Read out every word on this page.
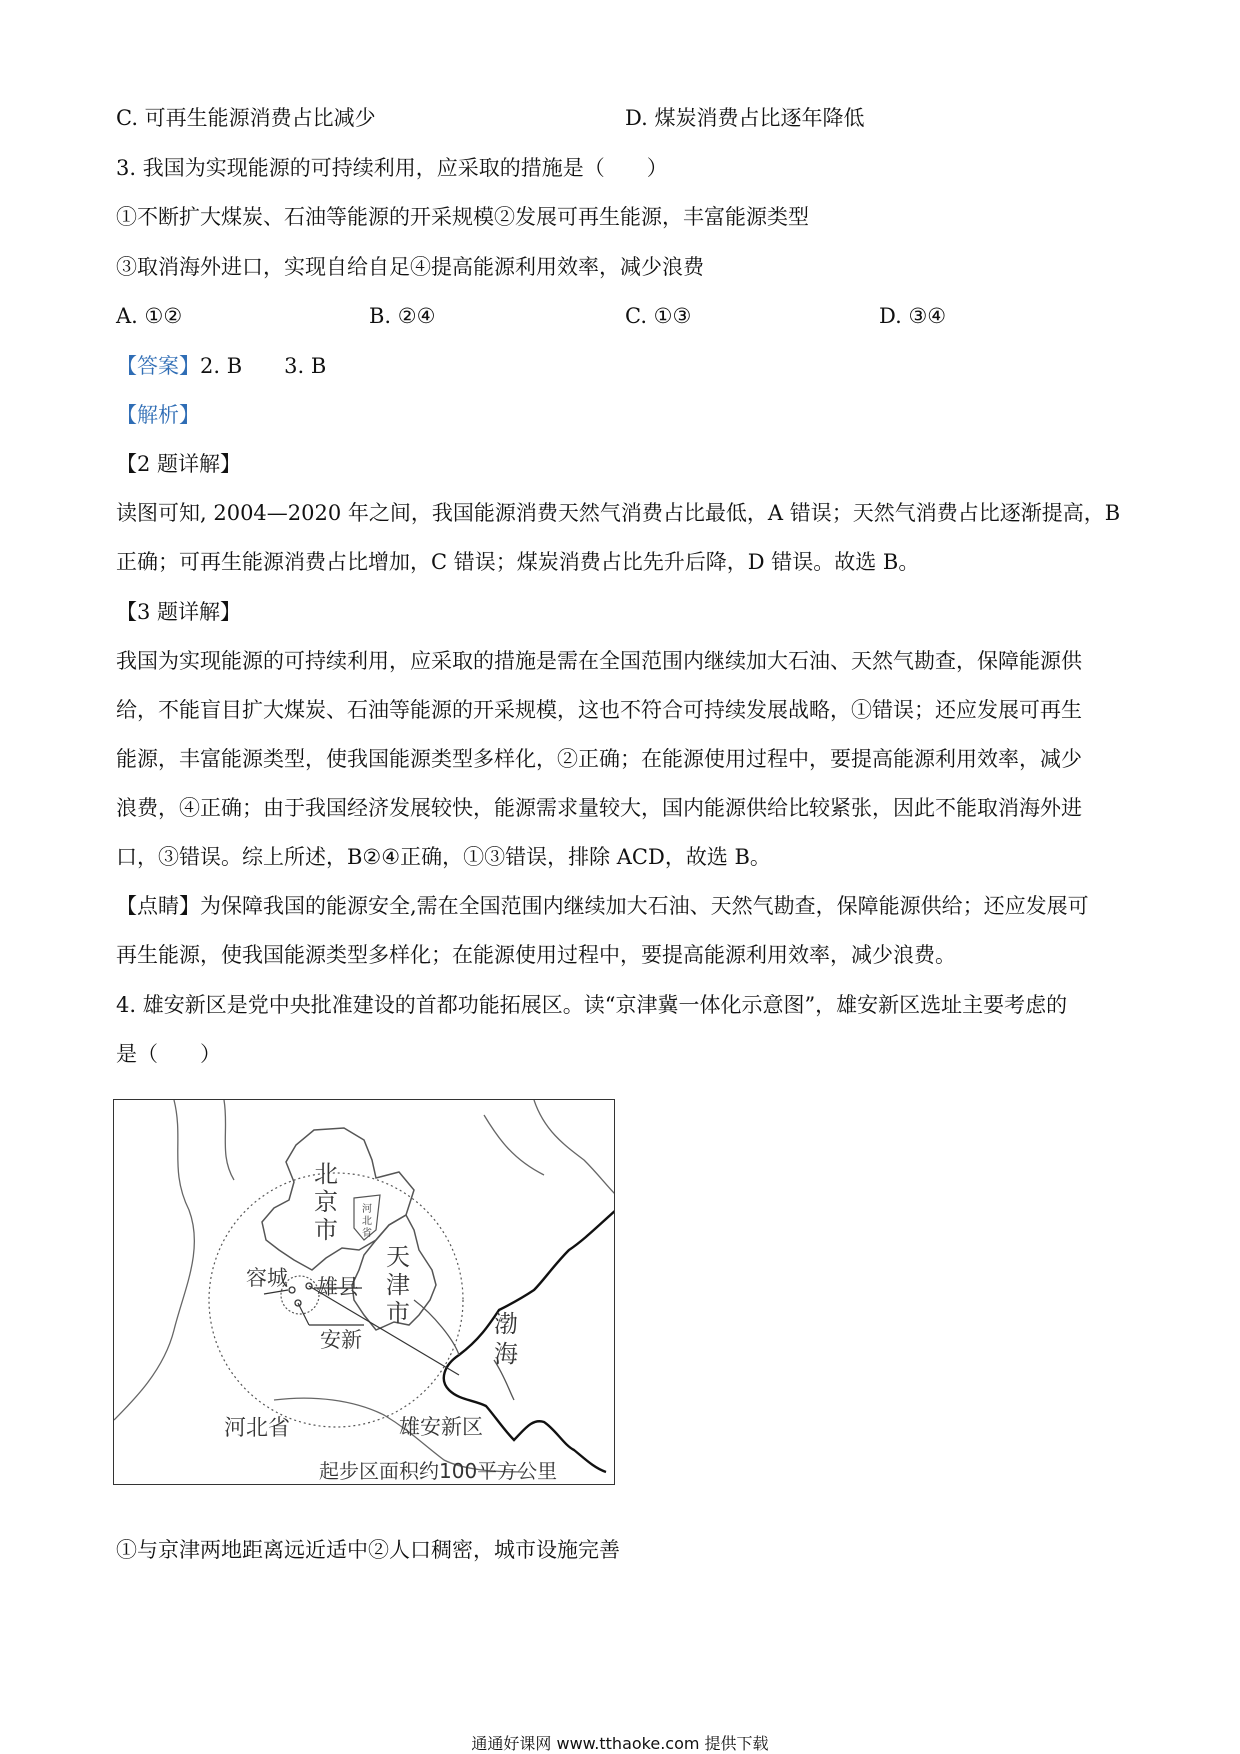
C. 可再生能源消费占比减少	D. 煤炭消费占比逐年降低
3. 我国为实现能源的可持续利用，应采取的措施是（　　）
①不断扩大煤炭、石油等能源的开采规模②发展可再生能源，丰富能源类型
③取消海外进口，实现自给自足④提高能源利用效率，减少浪费
A. ①②	B. ②④	C. ①③	D. ③④
【答案】2. B　　3. B
【解析】
【2 题详解】
读图可知, 2004—2020 年之间，我国能源消费天然气消费占比最低，A 错误；天然气消费占比逐渐提高，B
正确；可再生能源消费占比增加，C 错误；煤炭消费占比先升后降，D 错误。故选 B。
【3 题详解】
我国为实现能源的可持续利用，应采取的措施是需在全国范围内继续加大石油、天然气勘查，保障能源供
给，不能盲目扩大煤炭、石油等能源的开采规模，这也不符合可持续发展战略，①错误；还应发展可再生
能源，丰富能源类型，使我国能源类型多样化，②正确；在能源使用过程中，要提高能源利用效率，减少
浪费，④正确；由于我国经济发展较快，能源需求量较大，国内能源供给比较紧张，因此不能取消海外进
口，③错误。综上所述，B②④正确，①③错误，排除 ACD，故选 B。
【点睛】为保障我国的能源安全,需在全国范围内继续加大石油、天然气勘查，保障能源供给；还应发展可
再生能源，使我国能源类型多样化；在能源使用过程中，要提高能源利用效率，减少浪费。
4. 雄安新区是党中央批准建设的首都功能拓展区。读“京津冀一体化示意图”，雄安新区选址主要考虑的
是（　　）
北
京
市
河
北
省
天
津
市
容城 雄县
安新
渤
海
河北省	雄安新区
起步区面积约100平方公里
①与京津两地距离远近适中②人口稠密，城市设施完善
通通好课网 www.tthaoke.com 提供下载
